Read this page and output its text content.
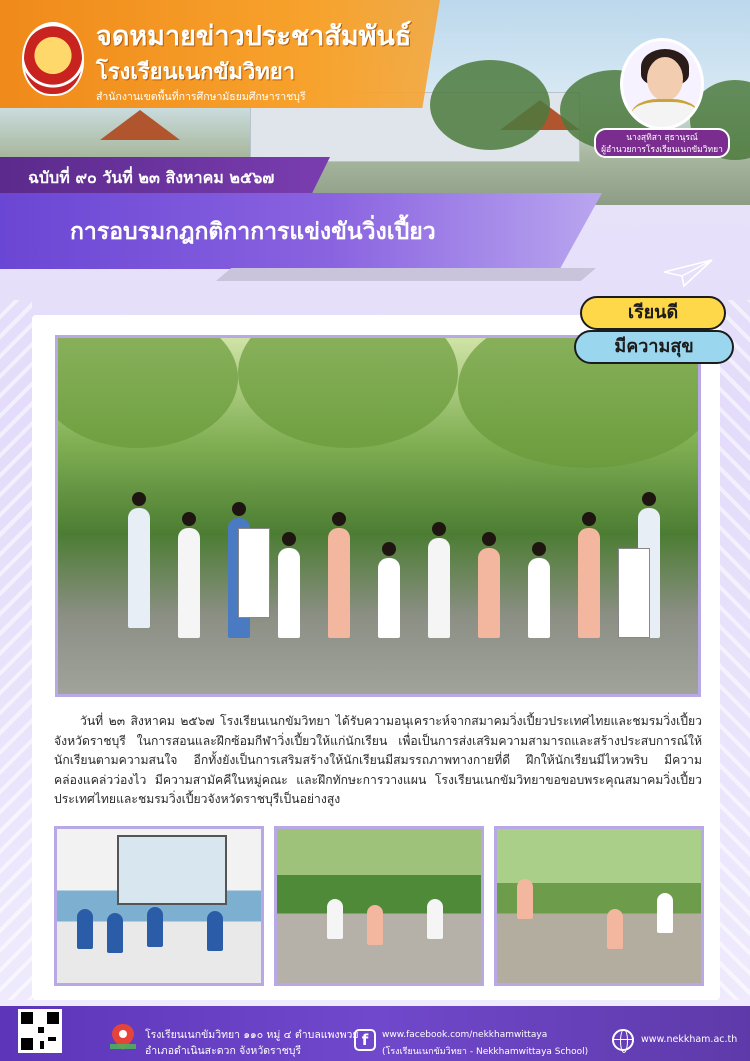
จดหมายข่าวประชาสัมพันธ์
โรงเรียนเนกขัมวิทยา
สำนักงานเขตพื้นที่การศึกษามัธยมศึกษาราชบุรี
นางสุทิสา สุธานุรณ์
ผู้อำนวยการโรงเรียนเนกขัมวิทยา
ฉบับที่ ๙๐ วันที่ ๒๓ สิงหาคม ๒๕๖๗
การอบรมกฎกติกาการแข่งขันวิ่งเปี้ยว
เรียนดี
มีความสุข
วันที่ ๒๓ สิงหาคม ๒๕๖๗ โรงเรียนเนกขัมวิทยา ได้รับความอนุเคราะห์จากสมาคมวิ่งเปี้ยวประเทศไทยและชมรมวิ่งเปี้ยวจังหวัดราชบุรี ในการสอนและฝึกซ้อมกีฬาวิ่งเปี้ยวให้แก่นักเรียน เพื่อเป็นการส่งเสริมความสามารถและสร้างประสบการณ์ให้นักเรียนตามความสนใจ อีกทั้งยังเป็นการเสริมสร้างให้นักเรียนมีสมรรถภาพทางกายที่ดี ฝึกให้นักเรียนมีไหวพริบ มีความคล่องแคล่วว่องไว มีความสามัคคีในหมู่คณะ และฝึกทักษะการวางแผน โรงเรียนเนกขัมวิทยาขอขอบพระคุณสมาคมวิ่งเปี้ยวประเทศไทยและชมรมวิ่งเปี้ยวจังหวัดราชบุรีเป็นอย่างสูง
โรงเรียนเนกขัมวิทยา ๑๑๐ หมู่ ๔ ตำบลแพงพวย
อำเภอดำเนินสะดวก จังหวัดราชบุรี
f	www.facebook.com/nekkhamwittaya
(โรงเรียนเนกขัมวิทยา - Nekkhamwittaya School)
www.nekkham.ac.th
